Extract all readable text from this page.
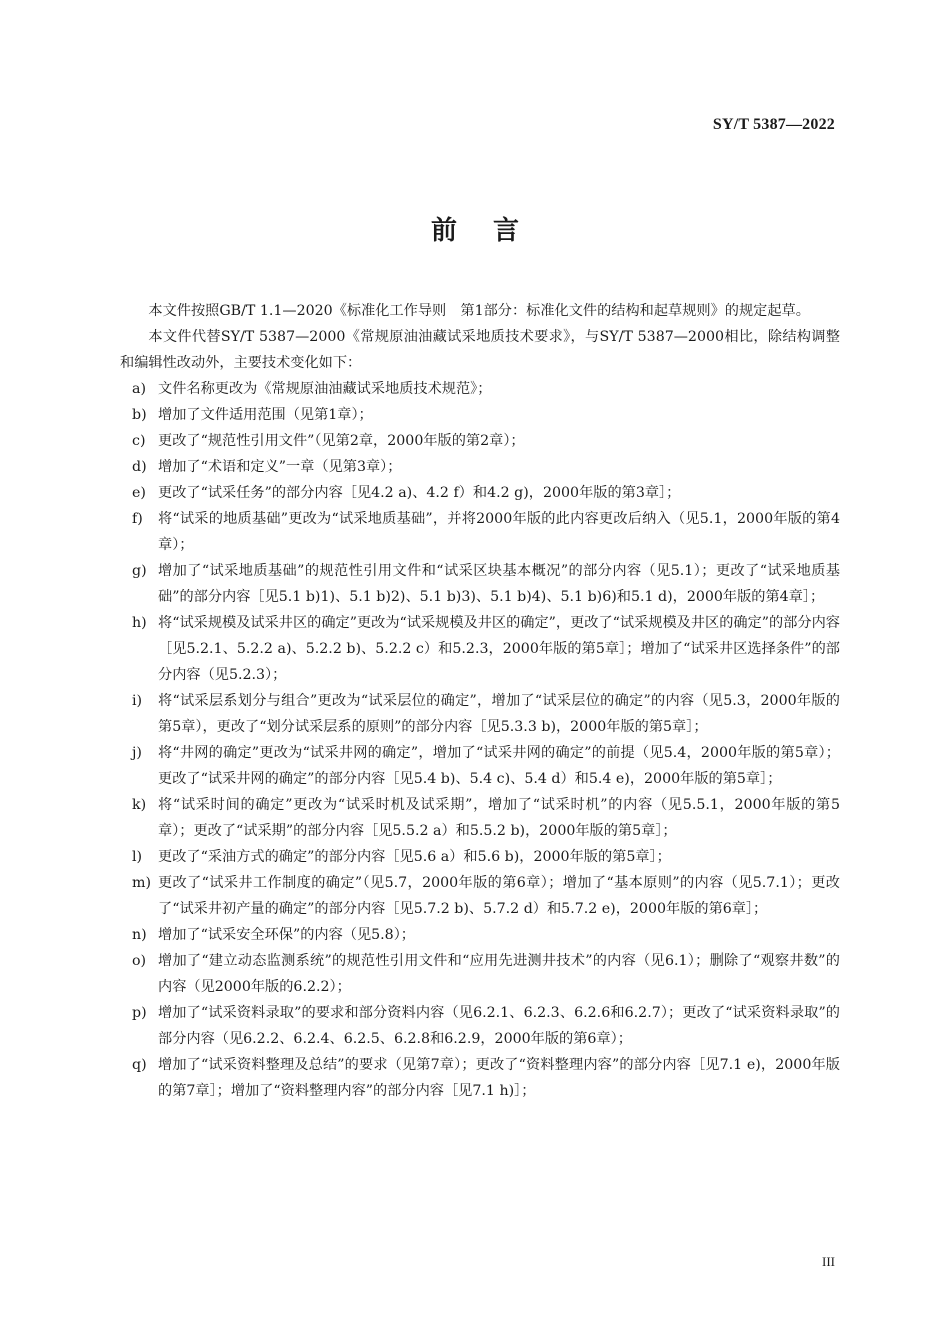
SY/T 5387—2022
前言

本文件按照GB/T 1.1—2020《标准化工作导则　第1部分：标准化文件的结构和起草规则》的规定起草。

本文件代替SY/T 5387—2000《常规原油油藏试采地质技术要求》，与SY/T 5387—2000相比，除结构调整和编辑性改动外，主要技术变化如下：

a) 文件名称更改为《常规原油油藏试采地质技术规范》；
b) 增加了文件适用范围（见第1章）；
c) 更改了“规范性引用文件”（见第2章，2000年版的第2章）；
d) 增加了“术语和定义”一章（见第3章）；
e) 更改了“试采任务”的部分内容［见4.2 a)、4.2 f）和4.2 g)，2000年版的第3章］；
f) 将“试采的地质基础”更改为“试采地质基础”，并将2000年版的此内容更改后纳入（见5.1，2000年版的第4章）；
g) 增加了“试采地质基础”的规范性引用文件和“试采区块基本概况”的部分内容（见5.1）；更改了“试采地质基础”的部分内容［见5.1 b)1)、5.1 b)2)、5.1 b)3)、5.1 b)4)、5.1 b)6)和5.1 d)，2000年版的第4章］；
h) 将“试采规模及试采井区的确定”更改为“试采规模及井区的确定”，更改了“试采规模及井区的确定”的部分内容［见5.2.1、5.2.2 a)、5.2.2 b)、5.2.2 c）和5.2.3，2000年版的第5章］；增加了“试采井区选择条件”的部分内容（见5.2.3）；
i) 将“试采层系划分与组合”更改为“试采层位的确定”，增加了“试采层位的确定”的内容（见5.3，2000年版的第5章），更改了“划分试采层系的原则”的部分内容［见5.3.3 b)，2000年版的第5章］；
j) 将“井网的确定”更改为“试采井网的确定”，增加了“试采井网的确定”的前提（见5.4，2000年版的第5章）；更改了“试采井网的确定”的部分内容［见5.4 b)、5.4 c)、5.4 d）和5.4 e)，2000年版的第5章］；
k) 将“试采时间的确定”更改为“试采时机及试采期”，增加了“试采时机”的内容（见5.5.1，2000年版的第5章）；更改了“试采期”的部分内容［见5.5.2 a）和5.5.2 b)，2000年版的第5章］；
l) 更改了“采油方式的确定”的部分内容［见5.6 a）和5.6 b)，2000年版的第5章］；
m) 更改了“试采井工作制度的确定”（见5.7，2000年版的第6章）；增加了“基本原则”的内容（见5.7.1）；更改了“试采井初产量的确定”的部分内容［见5.7.2 b)、5.7.2 d）和5.7.2 e)，2000年版的第6章］；
n) 增加了“试采安全环保”的内容（见5.8）；
o) 增加了“建立动态监测系统”的规范性引用文件和“应用先进测井技术”的内容（见6.1）；删除了“观察井数”的内容（见2000年版的6.2.2）；
p) 增加了“试采资料录取”的要求和部分资料内容（见6.2.1、6.2.3、6.2.6和6.2.7）；更改了“试采资料录取”的部分内容（见6.2.2、6.2.4、6.2.5、6.2.8和6.2.9，2000年版的第6章）；
q) 增加了“试采资料整理及总结”的要求（见第7章）；更改了“资料整理内容”的部分内容［见7.1 e)，2000年版的第7章］；增加了“资料整理内容”的部分内容［见7.1 h)］；
III
